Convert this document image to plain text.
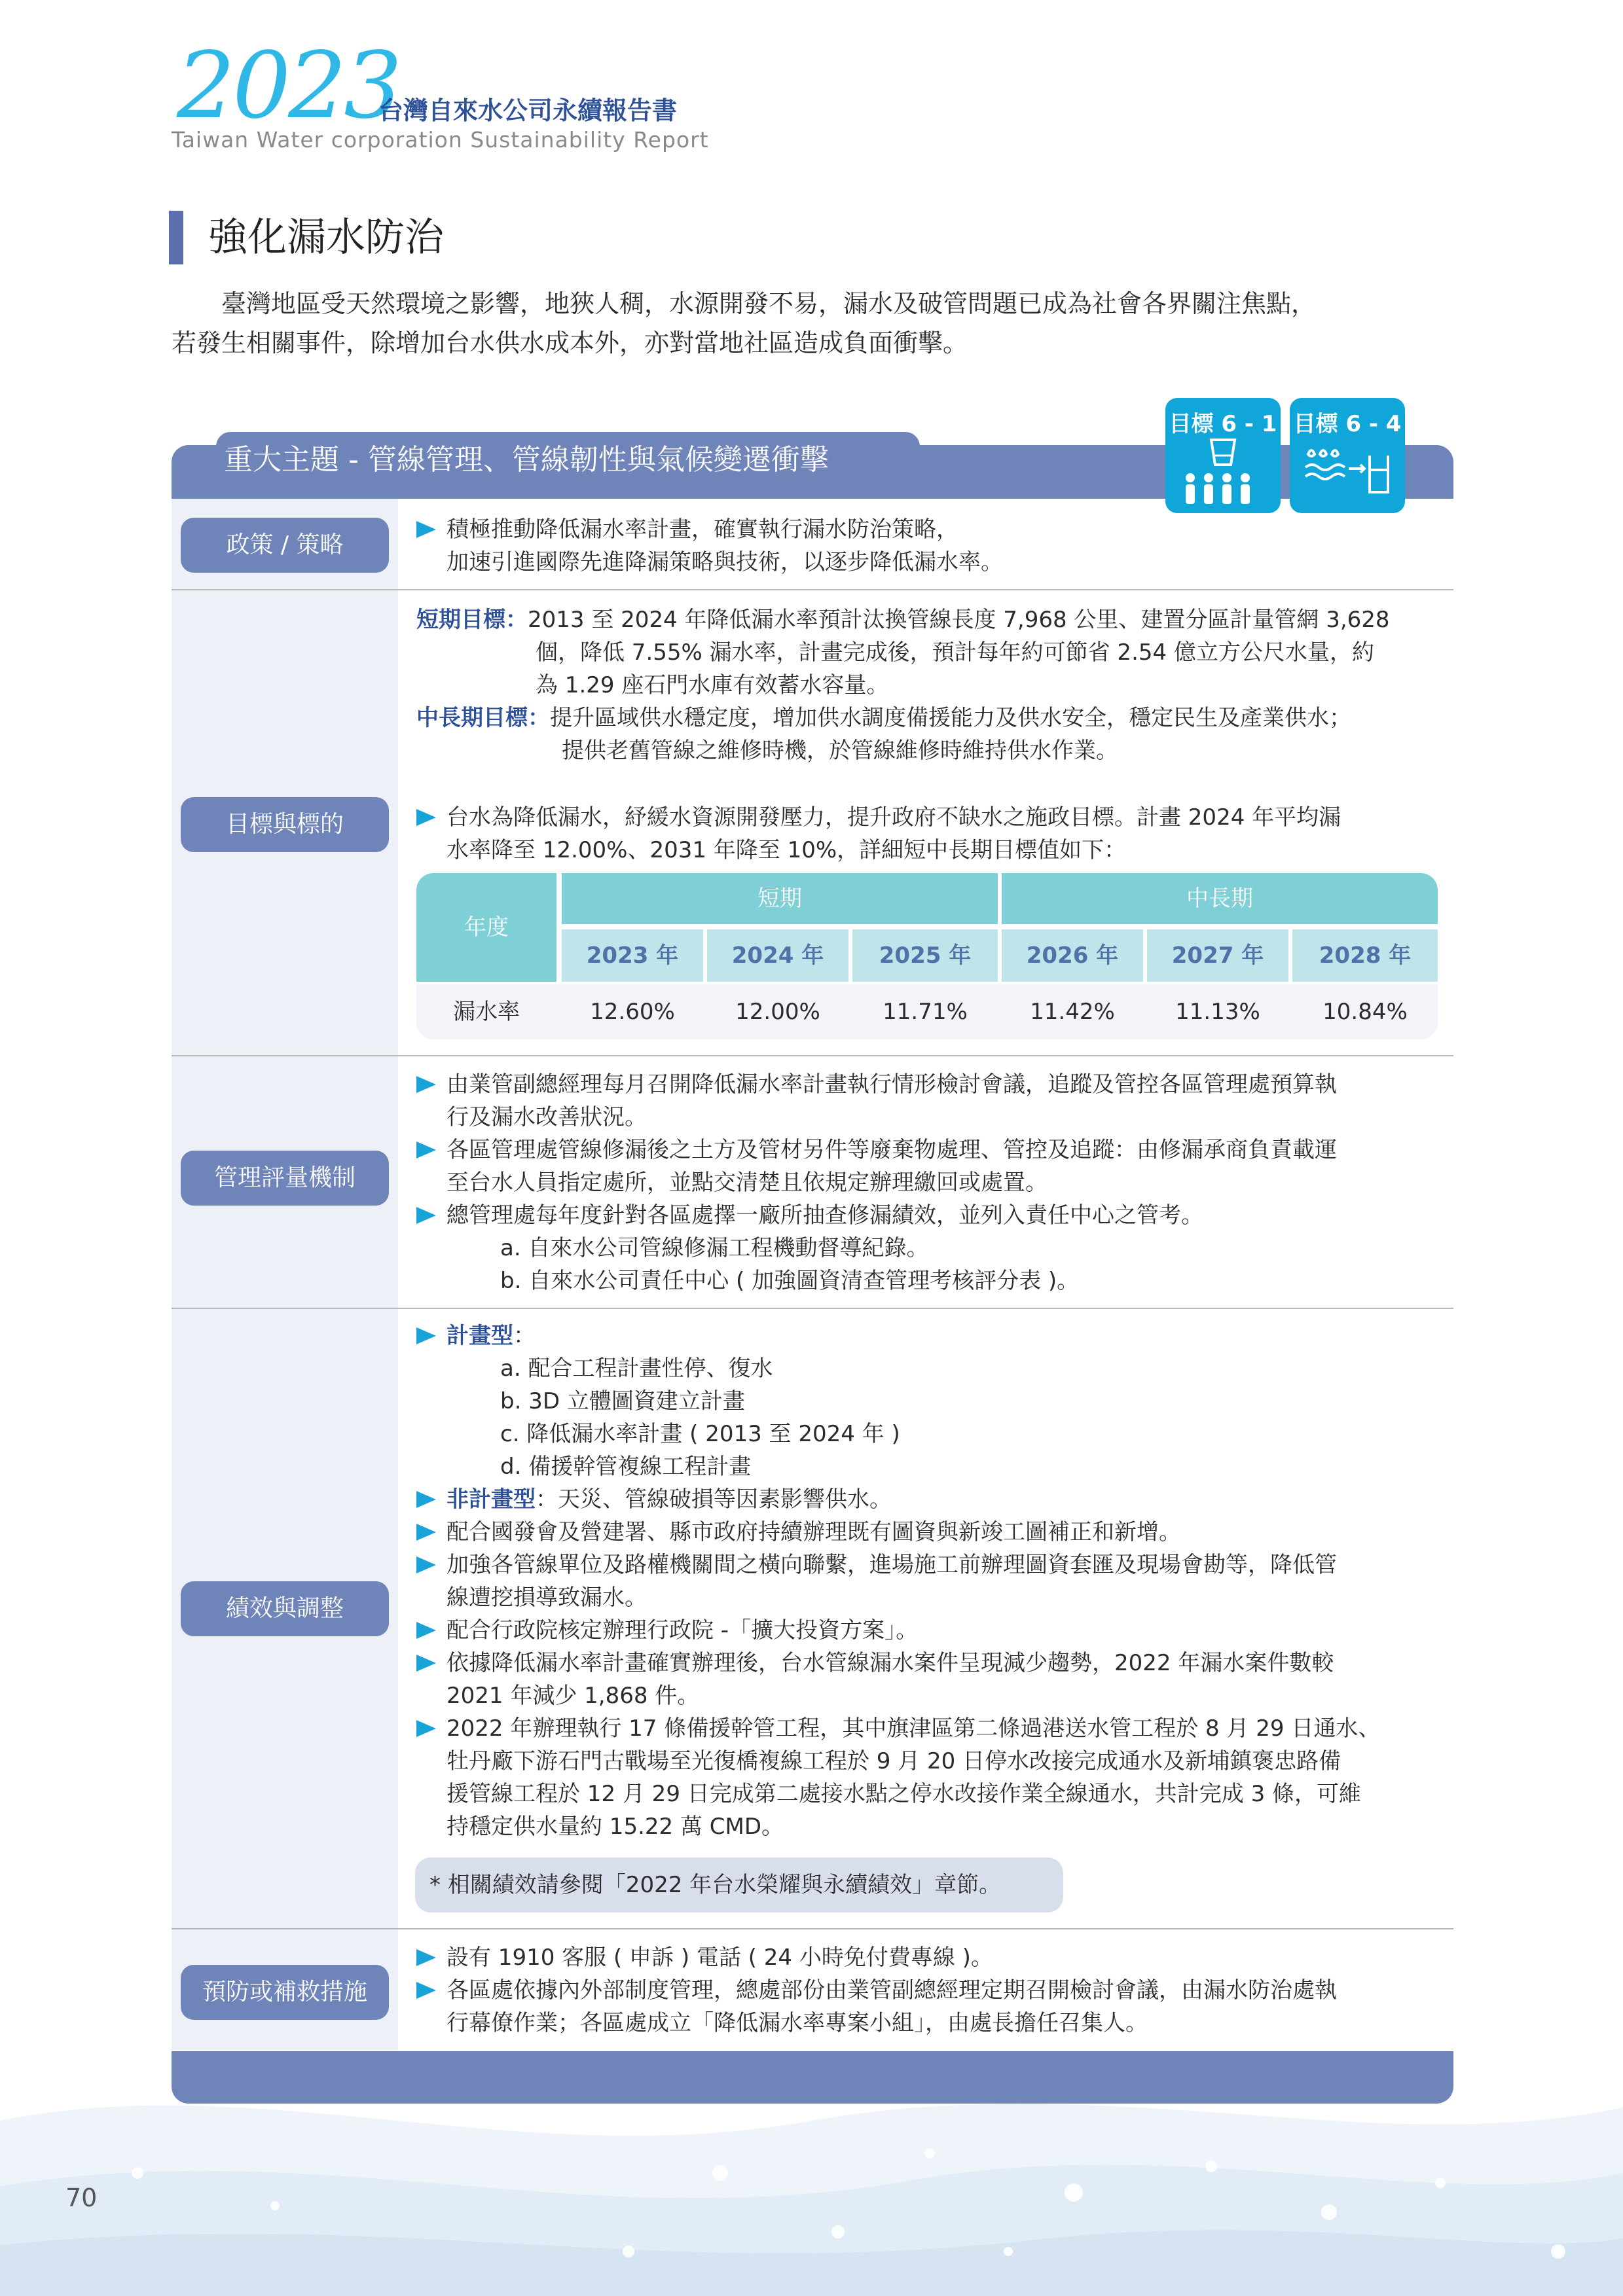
2023
台灣自來水公司永續報告書
Taiwan Water corporation Sustainability Report
強化漏水防治
臺灣地區受天然環境之影響，地狹人稠，水源開發不易，漏水及破管問題已成為社會各界關注焦點，
若發生相關事件，除增加台水供水成本外，亦對當地社區造成負面衝擊。
重大主題 - 管線管理、管線韌性與氣候變遷衝擊
目標 6 - 1 目標 6 - 4
政策 / 策略
目標與標的
管理評量機制
績效與調整
預防或補救措施
積極推動降低漏水率計畫，確實執行漏水防治策略，
加速引進國際先進降漏策略與技術，以逐步降低漏水率。
短期目標：2013 至 2024 年降低漏水率預計汰換管線長度 7,968 公里、建置分區計量管網 3,628
個，降低 7.55% 漏水率，計畫完成後，預計每年約可節省 2.54 億立方公尺水量，約
為 1.29 座石門水庫有效蓄水容量。
中長期目標：提升區域供水穩定度，增加供水調度備援能力及供水安全，穩定民生及產業供水；
提供老舊管線之維修時機，於管線維修時維持供水作業。
台水為降低漏水，紓緩水資源開發壓力，提升政府不缺水之施政目標。計畫 2024 年平均漏
水率降至 12.00%、2031 年降至 10%，詳細短中長期目標值如下：
年度
短期	中長期
2023 年	2024 年	2025 年	2026 年	2027 年	2028 年
漏水率	12.60%	12.00%	11.71%	11.42%	11.13%	10.84%
由業管副總經理每月召開降低漏水率計畫執行情形檢討會議，追蹤及管控各區管理處預算執
行及漏水改善狀況。
各區管理處管線修漏後之土方及管材另件等廢棄物處理、管控及追蹤：由修漏承商負責載運
至台水人員指定處所，並點交清楚且依規定辦理繳回或處置。
總管理處每年度針對各區處擇一廠所抽查修漏績效，並列入責任中心之管考。
a. 自來水公司管線修漏工程機動督導紀錄。
b. 自來水公司責任中心 ( 加強圖資清查管理考核評分表 )。
計畫型：
a. 配合工程計畫性停、復水
b. 3D 立體圖資建立計畫
c. 降低漏水率計畫 ( 2013 至 2024 年 )
d. 備援幹管複線工程計畫
非計畫型：天災、管線破損等因素影響供水。
配合國發會及營建署、縣市政府持續辦理既有圖資與新竣工圖補正和新增。
加強各管線單位及路權機關間之橫向聯繫，進場施工前辦理圖資套匯及現場會勘等，降低管
線遭挖損導致漏水。
配合行政院核定辦理行政院 -「擴大投資方案」。
依據降低漏水率計畫確實辦理後，台水管線漏水案件呈現減少趨勢，2022 年漏水案件數較
2021 年減少 1,868 件。
2022 年辦理執行 17 條備援幹管工程，其中旗津區第二條過港送水管工程於 8 月 29 日通水、
牡丹廠下游石門古戰場至光復橋複線工程於 9 月 20 日停水改接完成通水及新埔鎮褒忠路備
援管線工程於 12 月 29 日完成第二處接水點之停水改接作業全線通水，共計完成 3 條，可維
持穩定供水量約 15.22 萬 CMD。
* 相關績效請參閱「2022 年台水榮耀與永續績效」章節。
設有 1910 客服 ( 申訴 ) 電話 ( 24 小時免付費專線 )。
各區處依據內外部制度管理，總處部份由業管副總經理定期召開檢討會議，由漏水防治處執
行幕僚作業；各區處成立「降低漏水率專案小組」，由處長擔任召集人。
70
